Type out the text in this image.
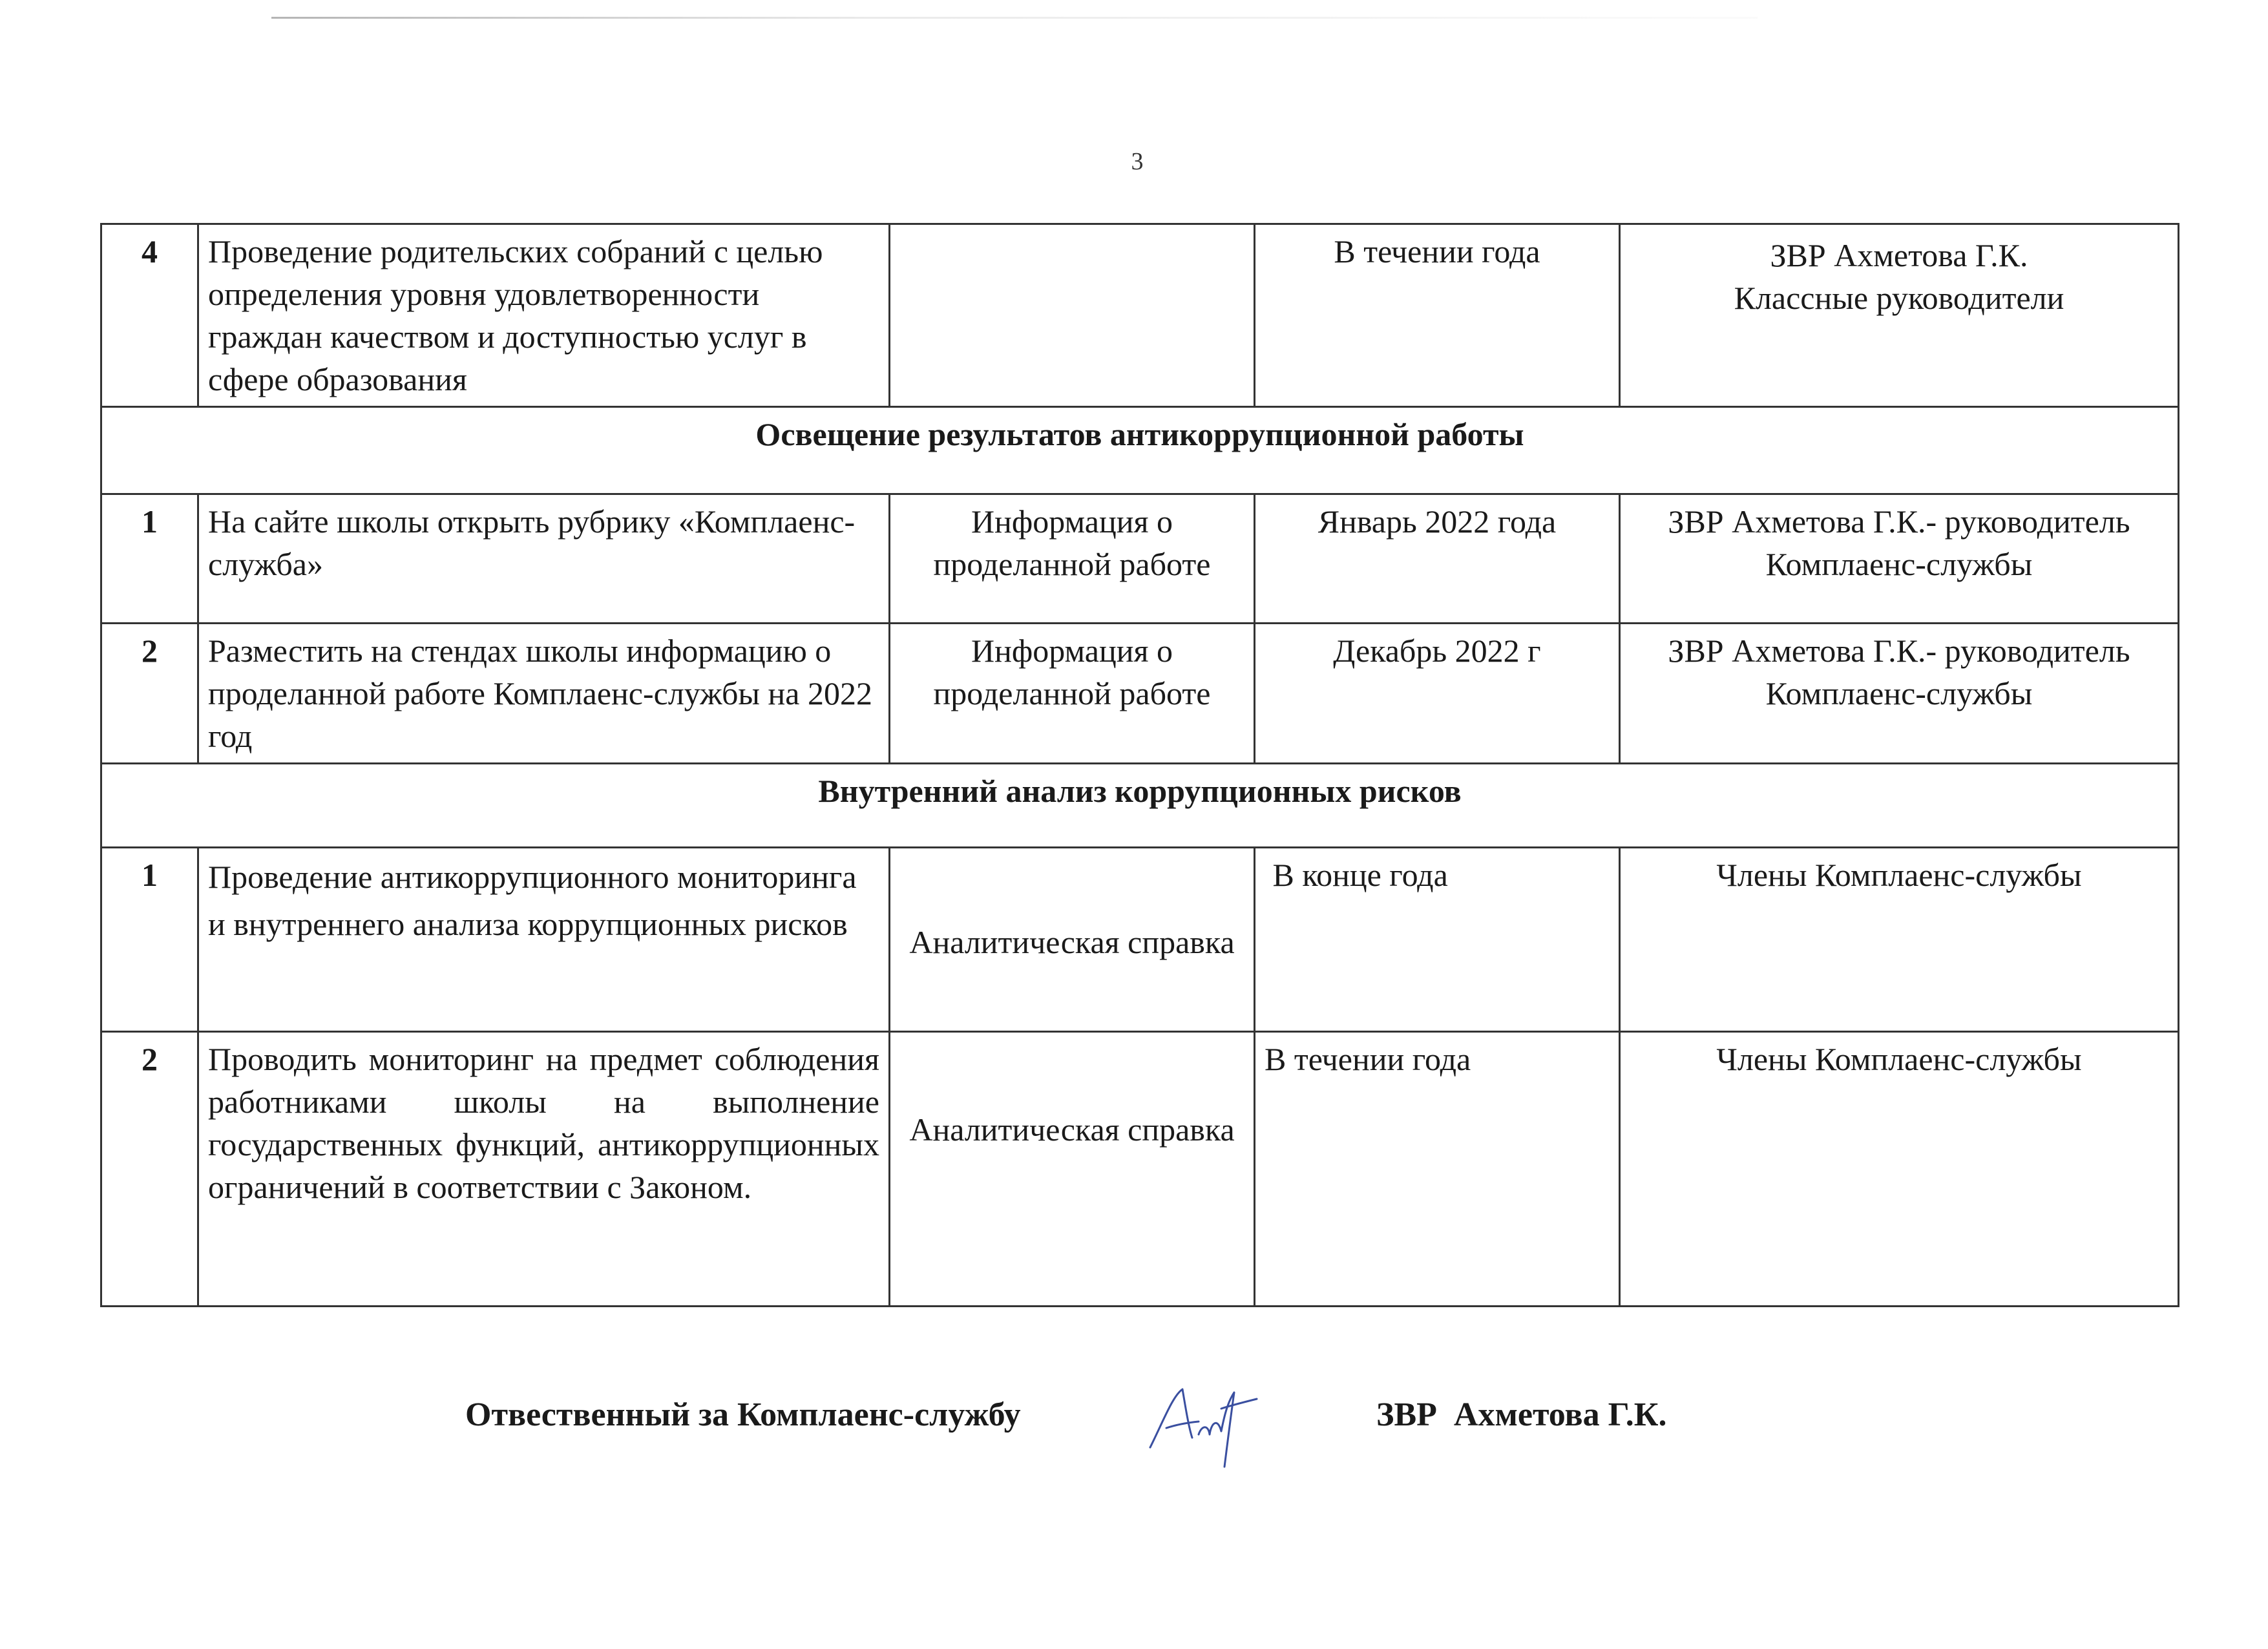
3
4	Проведение родительских собраний с целью определения уровня удовлетворенности граждан качеством и доступностью услуг в сфере образования		В течении года	ЗВР Ахметова Г.К.
Классные руководители

Освещение результатов антикоррупционной работы				
1	На сайте школы открыть рубрику «Комплаенс-служба»	Информация о проделанной работе	Январь 2022 года	ЗВР Ахметова Г.К.- руководитель Комплаенс-службы
2	Разместить на стендах школы информацию о проделанной работе Комплаенс-службы на 2022 год	Информация о проделанной работе	Декабрь 2022 г	ЗВР Ахметова Г.К.- руководитель Комплаенс-службы
Внутренний анализ коррупционных рисков				
1	Проведение антикоррупционного мониторинга и внутреннего анализа коррупционных рисков	Аналитическая справка	В конце года	Члены Комплаенс-службы
2	Проводить мониторинг на предмет соблюдения работниками школы на выполнение государственных функций, антикоррупционных ограничений в соответствии с Законом.	Аналитическая справка	В течении года	Члены Комплаенс-службы
Отвественный за Комплаенс-службу	ЗВР  Ахметова Г.К.
